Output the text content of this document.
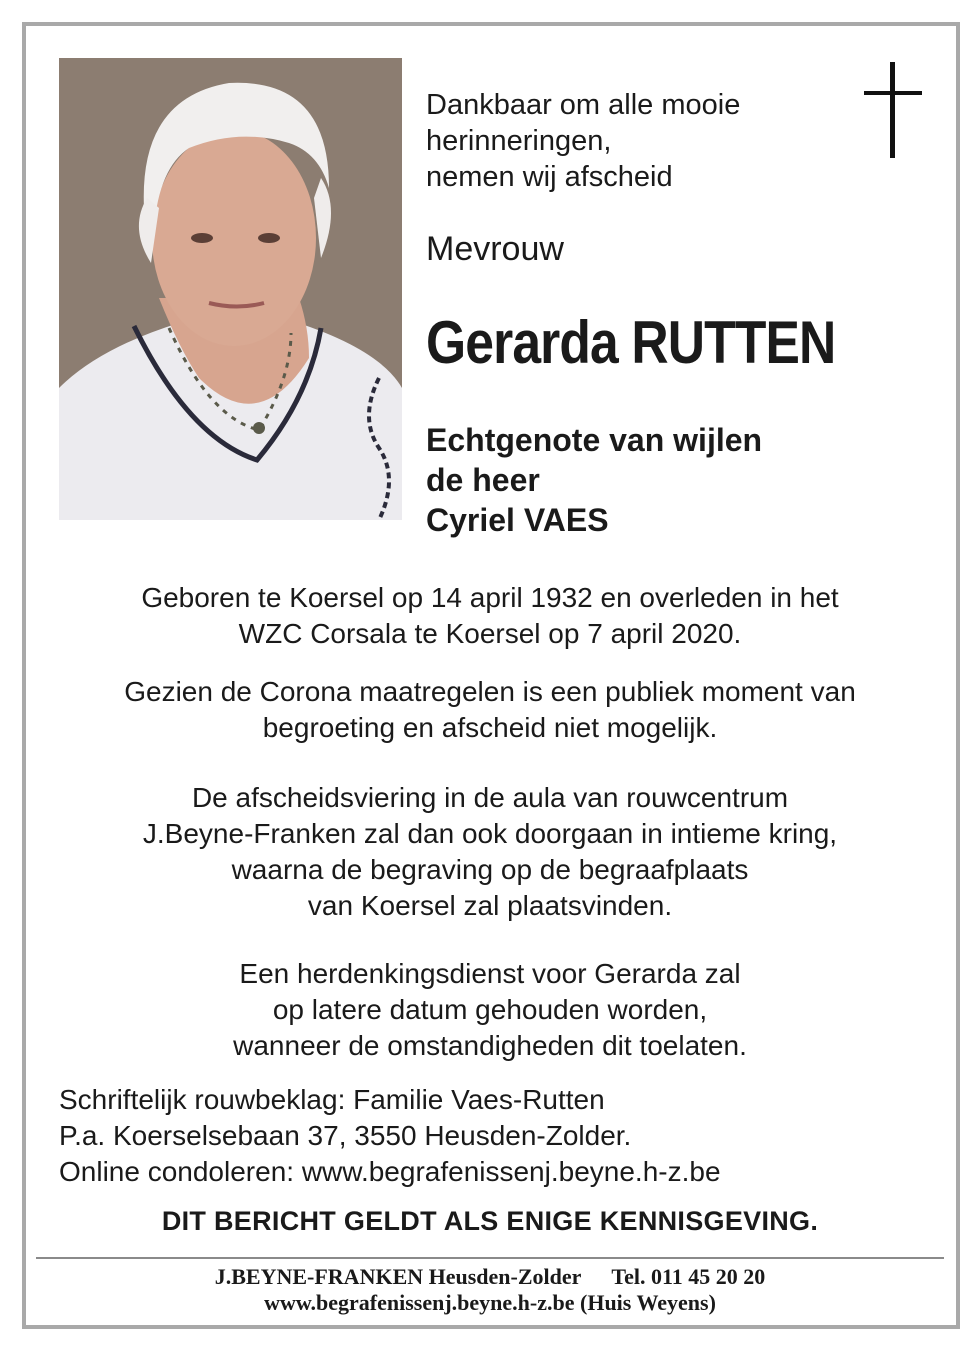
Dankbaar om alle mooie
herinneringen,
nemen wij afscheid
Mevrouw
Gerarda RUTTEN
Echtgenote van wijlen
de heer
Cyriel VAES
Geboren te Koersel op 14 april 1932 en overleden in het
WZC Corsala te Koersel op 7 april 2020.
Gezien de Corona maatregelen is een publiek moment van
begroeting en afscheid niet mogelijk.
De afscheidsviering in de aula van rouwcentrum
J.Beyne-Franken zal dan ook doorgaan in intieme kring,
waarna de begraving op de begraafplaats
van Koersel zal plaatsvinden.
Een herdenkingsdienst voor Gerarda zal
op latere datum gehouden worden,
wanneer de omstandigheden dit toelaten.
Schriftelijk rouwbeklag: Familie Vaes-Rutten
P.a. Koerselsebaan 37, 3550 Heusden-Zolder.
Online condoleren: www.begrafenissenj.beyne.h-z.be
DIT BERICHT GELDT ALS ENIGE KENNISGEVING.
J.BEYNE-FRANKEN Heusden-Zolder Tel. 011 45 20 20
www.begrafenissenj.beyne.h-z.be (Huis Weyens)
